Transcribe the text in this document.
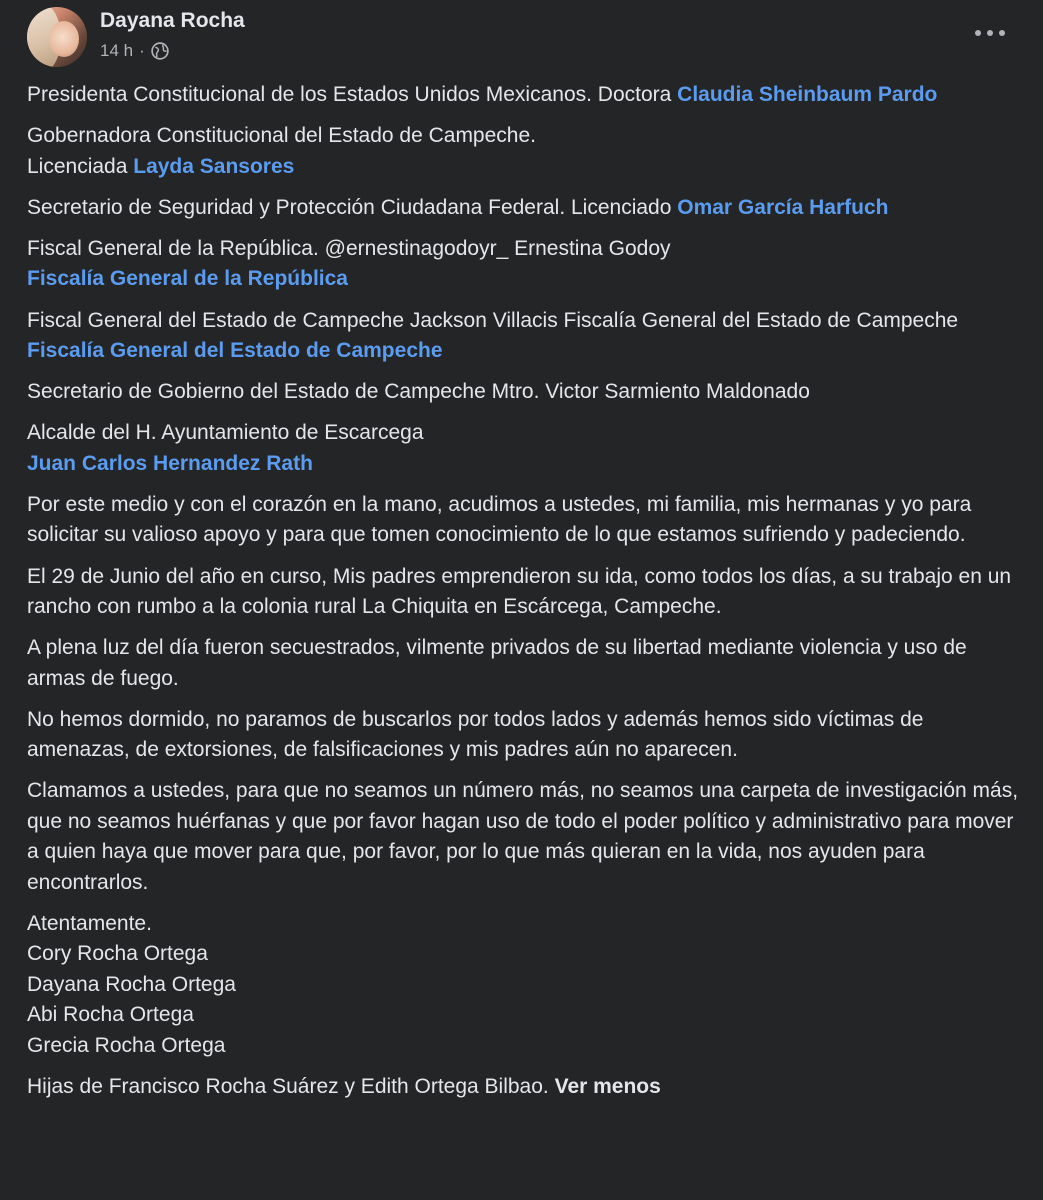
Dayana Rocha
14 h ·

Presidenta Constitucional de los Estados Unidos Mexicanos. Doctora Claudia Sheinbaum Pardo

Gobernadora Constitucional del Estado de Campeche.
Licenciada Layda Sansores

Secretario de Seguridad y Protección Ciudadana Federal. Licenciado Omar García Harfuch

Fiscal General de la República. @ernestinagodoyr_ Ernestina Godoy
Fiscalía General de la República

Fiscal General del Estado de Campeche Jackson Villacis Fiscalía General del Estado de Campeche
Fiscalía General del Estado de Campeche

Secretario de Gobierno del Estado de Campeche Mtro. Victor Sarmiento Maldonado

Alcalde del H. Ayuntamiento de Escarcega
Juan Carlos Hernandez Rath

Por este medio y con el corazón en la mano, acudimos a ustedes, mi familia, mis hermanas y yo para solicitar su valioso apoyo y para que tomen conocimiento de lo que estamos sufriendo y padeciendo.

El 29 de Junio del año en curso, Mis padres emprendieron su ida, como todos los días, a su trabajo en un rancho con rumbo a la colonia rural La Chiquita en Escárcega, Campeche.

A plena luz del día fueron secuestrados, vilmente privados de su libertad mediante violencia y uso de armas de fuego.

No hemos dormido, no paramos de buscarlos por todos lados y además hemos sido víctimas de amenazas, de extorsiones, de falsificaciones y mis padres aún no aparecen.

Clamamos a ustedes, para que no seamos un número más, no seamos una carpeta de investigación más, que no seamos huérfanas y que por favor hagan uso de todo el poder político y administrativo para mover a quien haya que mover para que, por favor, por lo que más quieran en la vida, nos ayuden para encontrarlos.

Atentamente.
Cory Rocha Ortega
Dayana Rocha Ortega
Abi Rocha Ortega
Grecia Rocha Ortega

Hijas de Francisco Rocha Suárez y Edith Ortega Bilbao. Ver menos
